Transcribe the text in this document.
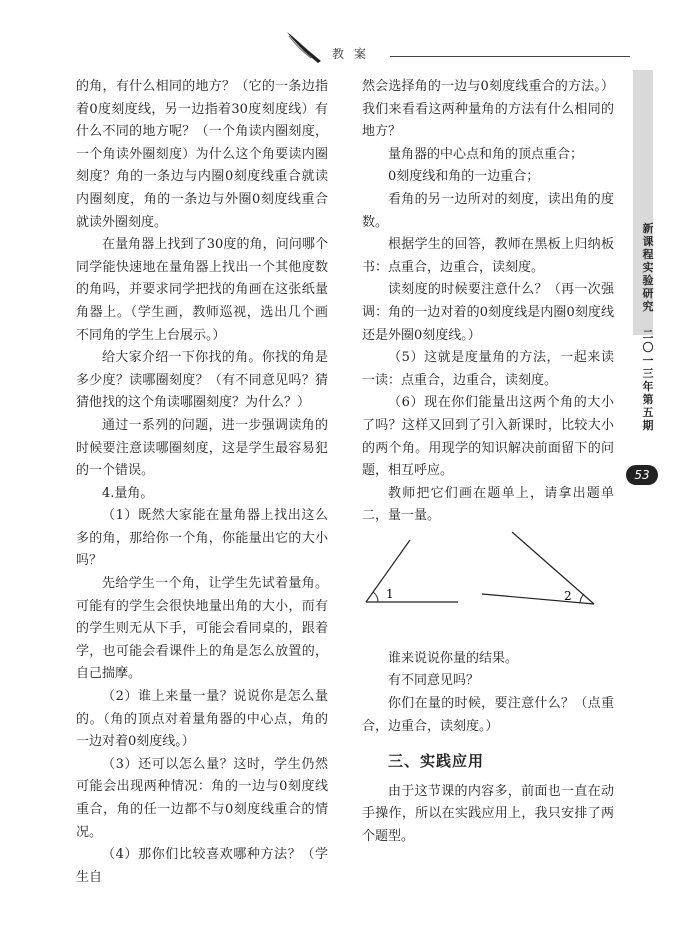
教案

的角，有什么相同的地方？（它的一条边指着0度刻度线，另一边指着30度刻度线）有什么不同的地方呢？（一个角读内圈刻度，一个角读外圈刻度）为什么这个角要读内圈刻度？角的一条边与内圈0刻度线重合就读内圈刻度，角的一条边与外圈0刻度线重合就读外圈刻度。

在量角器上找到了30度的角，问问哪个同学能快速地在量角器上找出一个其他度数的角吗，并要求同学把找的角画在这张纸量角器上。（学生画，教师巡视，选出几个画不同角的学生上台展示。）

给大家介绍一下你找的角。你找的角是多少度？读哪圈刻度？（有不同意见吗？猜猜他找的这个角读哪圈刻度？为什么？）

通过一系列的问题，进一步强调读角的时候要注意读哪圈刻度，这是学生最容易犯的一个错误。

4.量角。

（1）既然大家能在量角器上找出这么多的角，那给你一个角，你能量出它的大小吗？

先给学生一个角，让学生先试着量角。可能有的学生会很快地量出角的大小，而有的学生则无从下手，可能会看同桌的，跟着学，也可能会看课件上的角是怎么放置的，自己揣摩。

（2）谁上来量一量？说说你是怎么量的。（角的顶点对着量角器的中心点，角的一边对着0刻度线。）

（3）还可以怎么量？这时，学生仍然可能会出现两种情况：角的一边与0刻度线重合，角的任一边都不与0刻度线重合的情况。

（4）那你们比较喜欢哪种方法？（学生自

然会选择角的一边与0刻度线重合的方法。）我们来看看这两种量角的方法有什么相同的地方？

量角器的中心点和角的顶点重合；

0刻度线和角的一边重合；

看角的另一边所对的刻度，读出角的度数。

根据学生的回答，教师在黑板上归纳板书：点重合，边重合，读刻度。

读刻度的时候要注意什么？（再一次强调：角的一边对着的0刻度线是内圈0刻度线还是外圈0刻度线。）

（5）这就是度量角的方法，一起来读一读：点重合，边重合，读刻度。

（6）现在你们能量出这两个角的大小了吗？这样又回到了引入新课时，比较大小的两个角。用现学的知识解决前面留下的问题，相互呼应。

教师把它们画在题单上，请拿出题单二，量一量。

1	2

谁来说说你量的结果。

有不同意见吗？

你们在量的时候，要注意什么？（点重合，边重合，读刻度。）

三、实践应用

由于这节课的内容多，前面也一直在动手操作，所以在实践应用上，我只安排了两个题型。

新
课
程
实
验
研
究
二
〇
一
三
年
第
五
期
53
